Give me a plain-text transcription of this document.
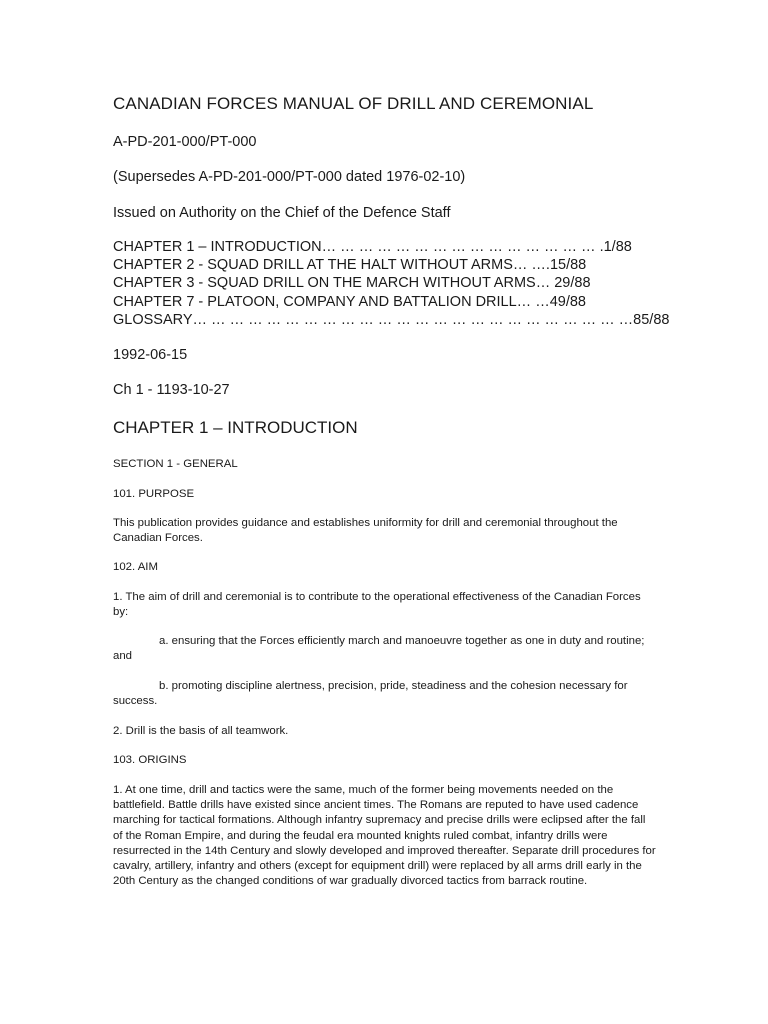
CANADIAN FORCES MANUAL OF DRILL AND CEREMONIAL
A-PD-201-000/PT-000
(Supersedes A-PD-201-000/PT-000 dated 1976-02-10)
Issued on Authority on the Chief of the Defence Staff
CHAPTER 1 – INTRODUCTION… … … … … … … … … … … … … … … .1/88
CHAPTER 2 - SQUAD DRILL AT THE HALT WITHOUT ARMS… ….15/88
CHAPTER 3 - SQUAD DRILL ON THE MARCH WITHOUT ARMS… 29/88
CHAPTER 7 - PLATOON, COMPANY AND BATTALION DRILL… …49/88
GLOSSARY… … … … … … … … … … … … … … … … … … … … … … … …85/88
1992-06-15
Ch 1 - 1193-10-27
CHAPTER 1 – INTRODUCTION
SECTION 1 - GENERAL
101. PURPOSE
This publication provides guidance and establishes uniformity for drill and ceremonial throughout the Canadian Forces.
102. AIM
1. The aim of drill and ceremonial is to contribute to the operational effectiveness of the Canadian Forces by:
a. ensuring that the Forces efficiently march and manoeuvre together as one in duty and routine; and
b. promoting discipline alertness, precision, pride, steadiness and the cohesion necessary for success.
2. Drill is the basis of all teamwork.
103. ORIGINS
1. At one time, drill and tactics were the same, much of the former being movements needed on the battlefield. Battle drills have existed since ancient times. The Romans are reputed to have used cadence marching for tactical formations. Although infantry supremacy and precise drills were eclipsed after the fall of the Roman Empire, and during the feudal era mounted knights ruled combat, infantry drills were resurrected in the 14th Century and slowly developed and improved thereafter. Separate drill procedures for cavalry, artillery, infantry and others (except for equipment drill) were replaced by all arms drill early in the 20th Century as the changed conditions of war gradually divorced tactics from barrack routine.
